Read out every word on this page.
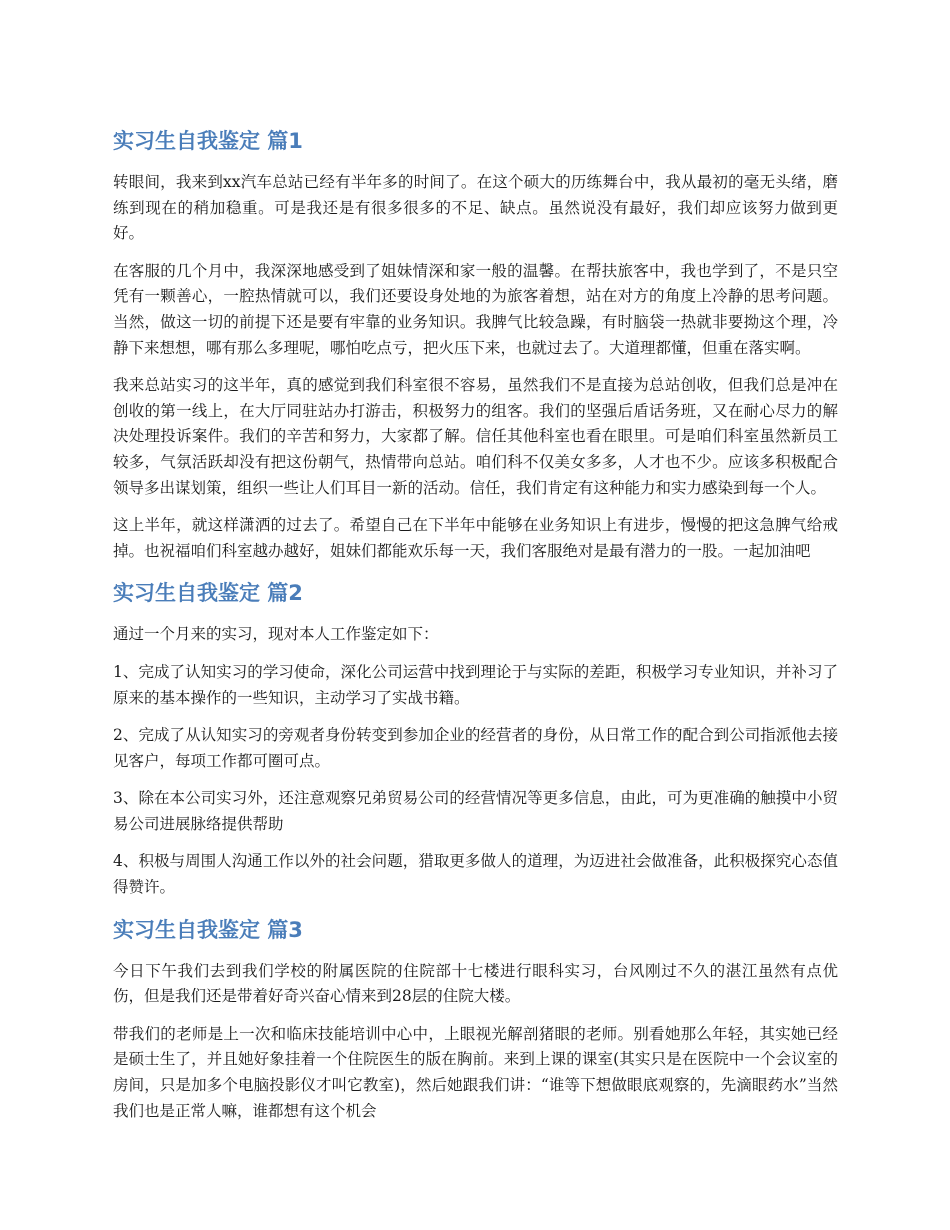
实习生自我鉴定 篇1

转眼间，我来到xx汽车总站已经有半年多的时间了。在这个硕大的历练舞台中，我从最初的毫无头绪，磨练到现在的稍加稳重。可是我还是有很多很多的不足、缺点。虽然说没有最好，我们却应该努力做到更好。

在客服的几个月中，我深深地感受到了姐妹情深和家一般的温馨。在帮扶旅客中，我也学到了，不是只空凭有一颗善心，一腔热情就可以，我们还要设身处地的为旅客着想，站在对方的角度上冷静的思考问题。当然，做这一切的前提下还是要有牢靠的业务知识。我脾气比较急躁，有时脑袋一热就非要拗这个理，冷静下来想想，哪有那么多理呢，哪怕吃点亏，把火压下来，也就过去了。大道理都懂，但重在落实啊。

我来总站实习的这半年，真的感觉到我们科室很不容易，虽然我们不是直接为总站创收，但我们总是冲在创收的第一线上，在大厅同驻站办打游击，积极努力的组客。我们的坚强后盾话务班，又在耐心尽力的解决处理投诉案件。我们的辛苦和努力，大家都了解。信任其他科室也看在眼里。可是咱们科室虽然新员工较多，气氛活跃却没有把这份朝气，热情带向总站。咱们科不仅美女多多，人才也不少。应该多积极配合领导多出谋划策，组织一些让人们耳目一新的活动。信任，我们肯定有这种能力和实力感染到每一个人。

这上半年，就这样潇洒的过去了。希望自己在下半年中能够在业务知识上有进步，慢慢的把这急脾气给戒掉。也祝福咱们科室越办越好，姐妹们都能欢乐每一天，我们客服绝对是最有潜力的一股。一起加油吧

实习生自我鉴定 篇2

通过一个月来的实习，现对本人工作鉴定如下：

1、完成了认知实习的学习使命，深化公司运营中找到理论于与实际的差距，积极学习专业知识，并补习了原来的基本操作的一些知识，主动学习了实战书籍。

2、完成了从认知实习的旁观者身份转变到参加企业的经营者的身份，从日常工作的配合到公司指派他去接见客户，每项工作都可圈可点。

3、除在本公司实习外，还注意观察兄弟贸易公司的经营情况等更多信息，由此，可为更准确的触摸中小贸易公司进展脉络提供帮助

4、积极与周围人沟通工作以外的社会问题，猎取更多做人的道理，为迈进社会做准备，此积极探究心态值得赞许。

实习生自我鉴定 篇3

今日下午我们去到我们学校的附属医院的住院部十七楼进行眼科实习，台风刚过不久的湛江虽然有点优伤，但是我们还是带着好奇兴奋心情来到28层的住院大楼。

带我们的老师是上一次和临床技能培训中心中，上眼视光解剖猪眼的老师。别看她那么年轻，其实她已经是硕士生了，并且她好象挂着一个住院医生的版在胸前。来到上课的课室(其实只是在医院中一个会议室的房间，只是加多个电脑投影仪才叫它教室)，然后她跟我们讲：“谁等下想做眼底观察的，先滴眼药水”当然我们也是正常人嘛，谁都想有这个机会
